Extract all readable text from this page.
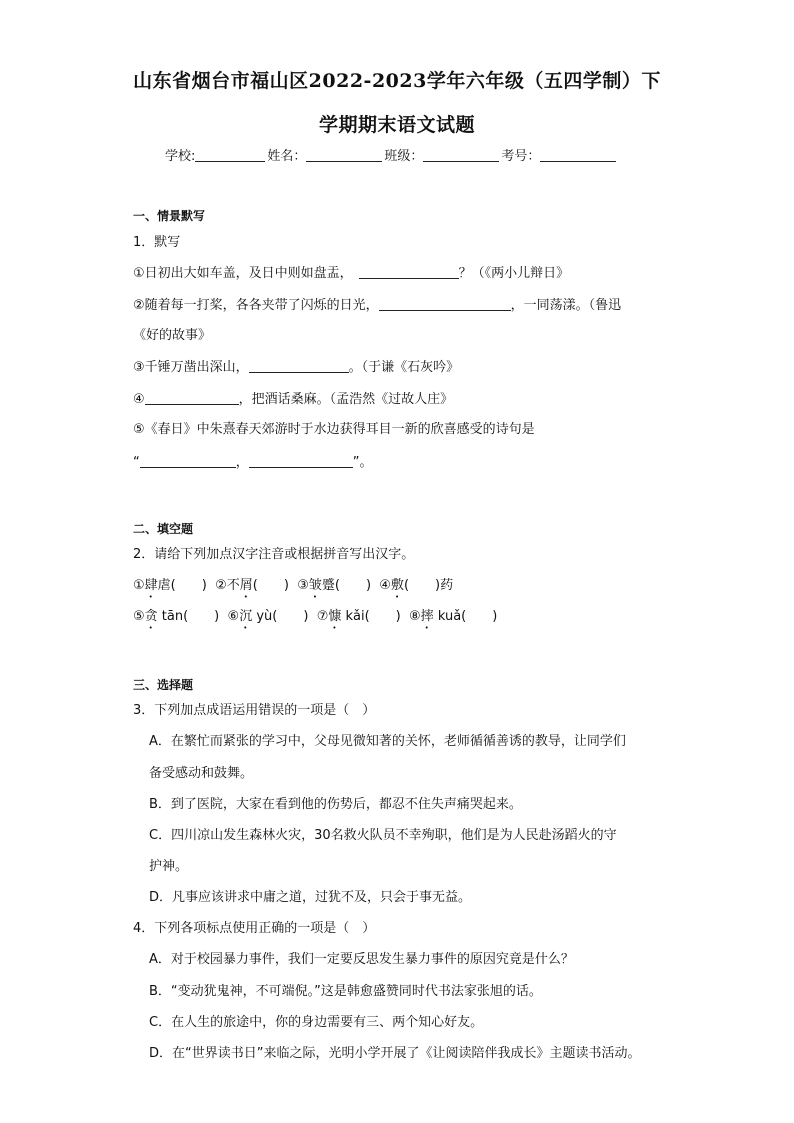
山东省烟台市福山区2022-2023学年六年级（五四学制）下
学期期末语文试题
学校:	姓名：	班级：	考号：
一、情景默写
1．默写
①日初出大如车盖，及日中则如盘盂，	？（《两小儿辩日》
②随着每一打桨，各各夹带了闪烁的日光，	，一同荡漾。（鲁迅
《好的故事》
③千锤万凿出深山，	。（于谦《石灰吟》
④	，把酒话桑麻。（孟浩然《过故人庄》
⑤《春日》中朱熹春天郊游时于水边获得耳目一新的欣喜感受的诗句是
“	，	”。
二、填空题
2．请给下列加点汉字注音或根据拼音写出汉字。
①肆虐(　　) ②不屑(　　) ③皱蹙(　　) ④敷(　　)药
⑤贪 tān(　　) ⑥沉 yù(　　) ⑦慷 kǎi(　　) ⑧摔 kuǎ(　　)
三、选择题
3．下列加点成语运用错误的一项是（　）
A．在繁忙而紧张的学习中，父母见微知著的关怀，老师循循善诱的教导，让同学们
备受感动和鼓舞。
B．到了医院，大家在看到他的伤势后，都忍不住失声痛哭起来。
C．四川凉山发生森林火灾，30名救火队员不幸殉职，他们是为人民赴汤蹈火的守
护神。
D．凡事应该讲求中庸之道，过犹不及，只会于事无益。
4．下列各项标点使用正确的一项是（　）
A．对于校园暴力事件，我们一定要反思发生暴力事件的原因究竟是什么？
B．“变动犹鬼神，不可端倪。”这是韩愈盛赞同时代书法家张旭的话。
C．在人生的旅途中，你的身边需要有三、两个知心好友。
D．在“世界读书日”来临之际，光明小学开展了《让阅读陪伴我成长》主题读书活动。
